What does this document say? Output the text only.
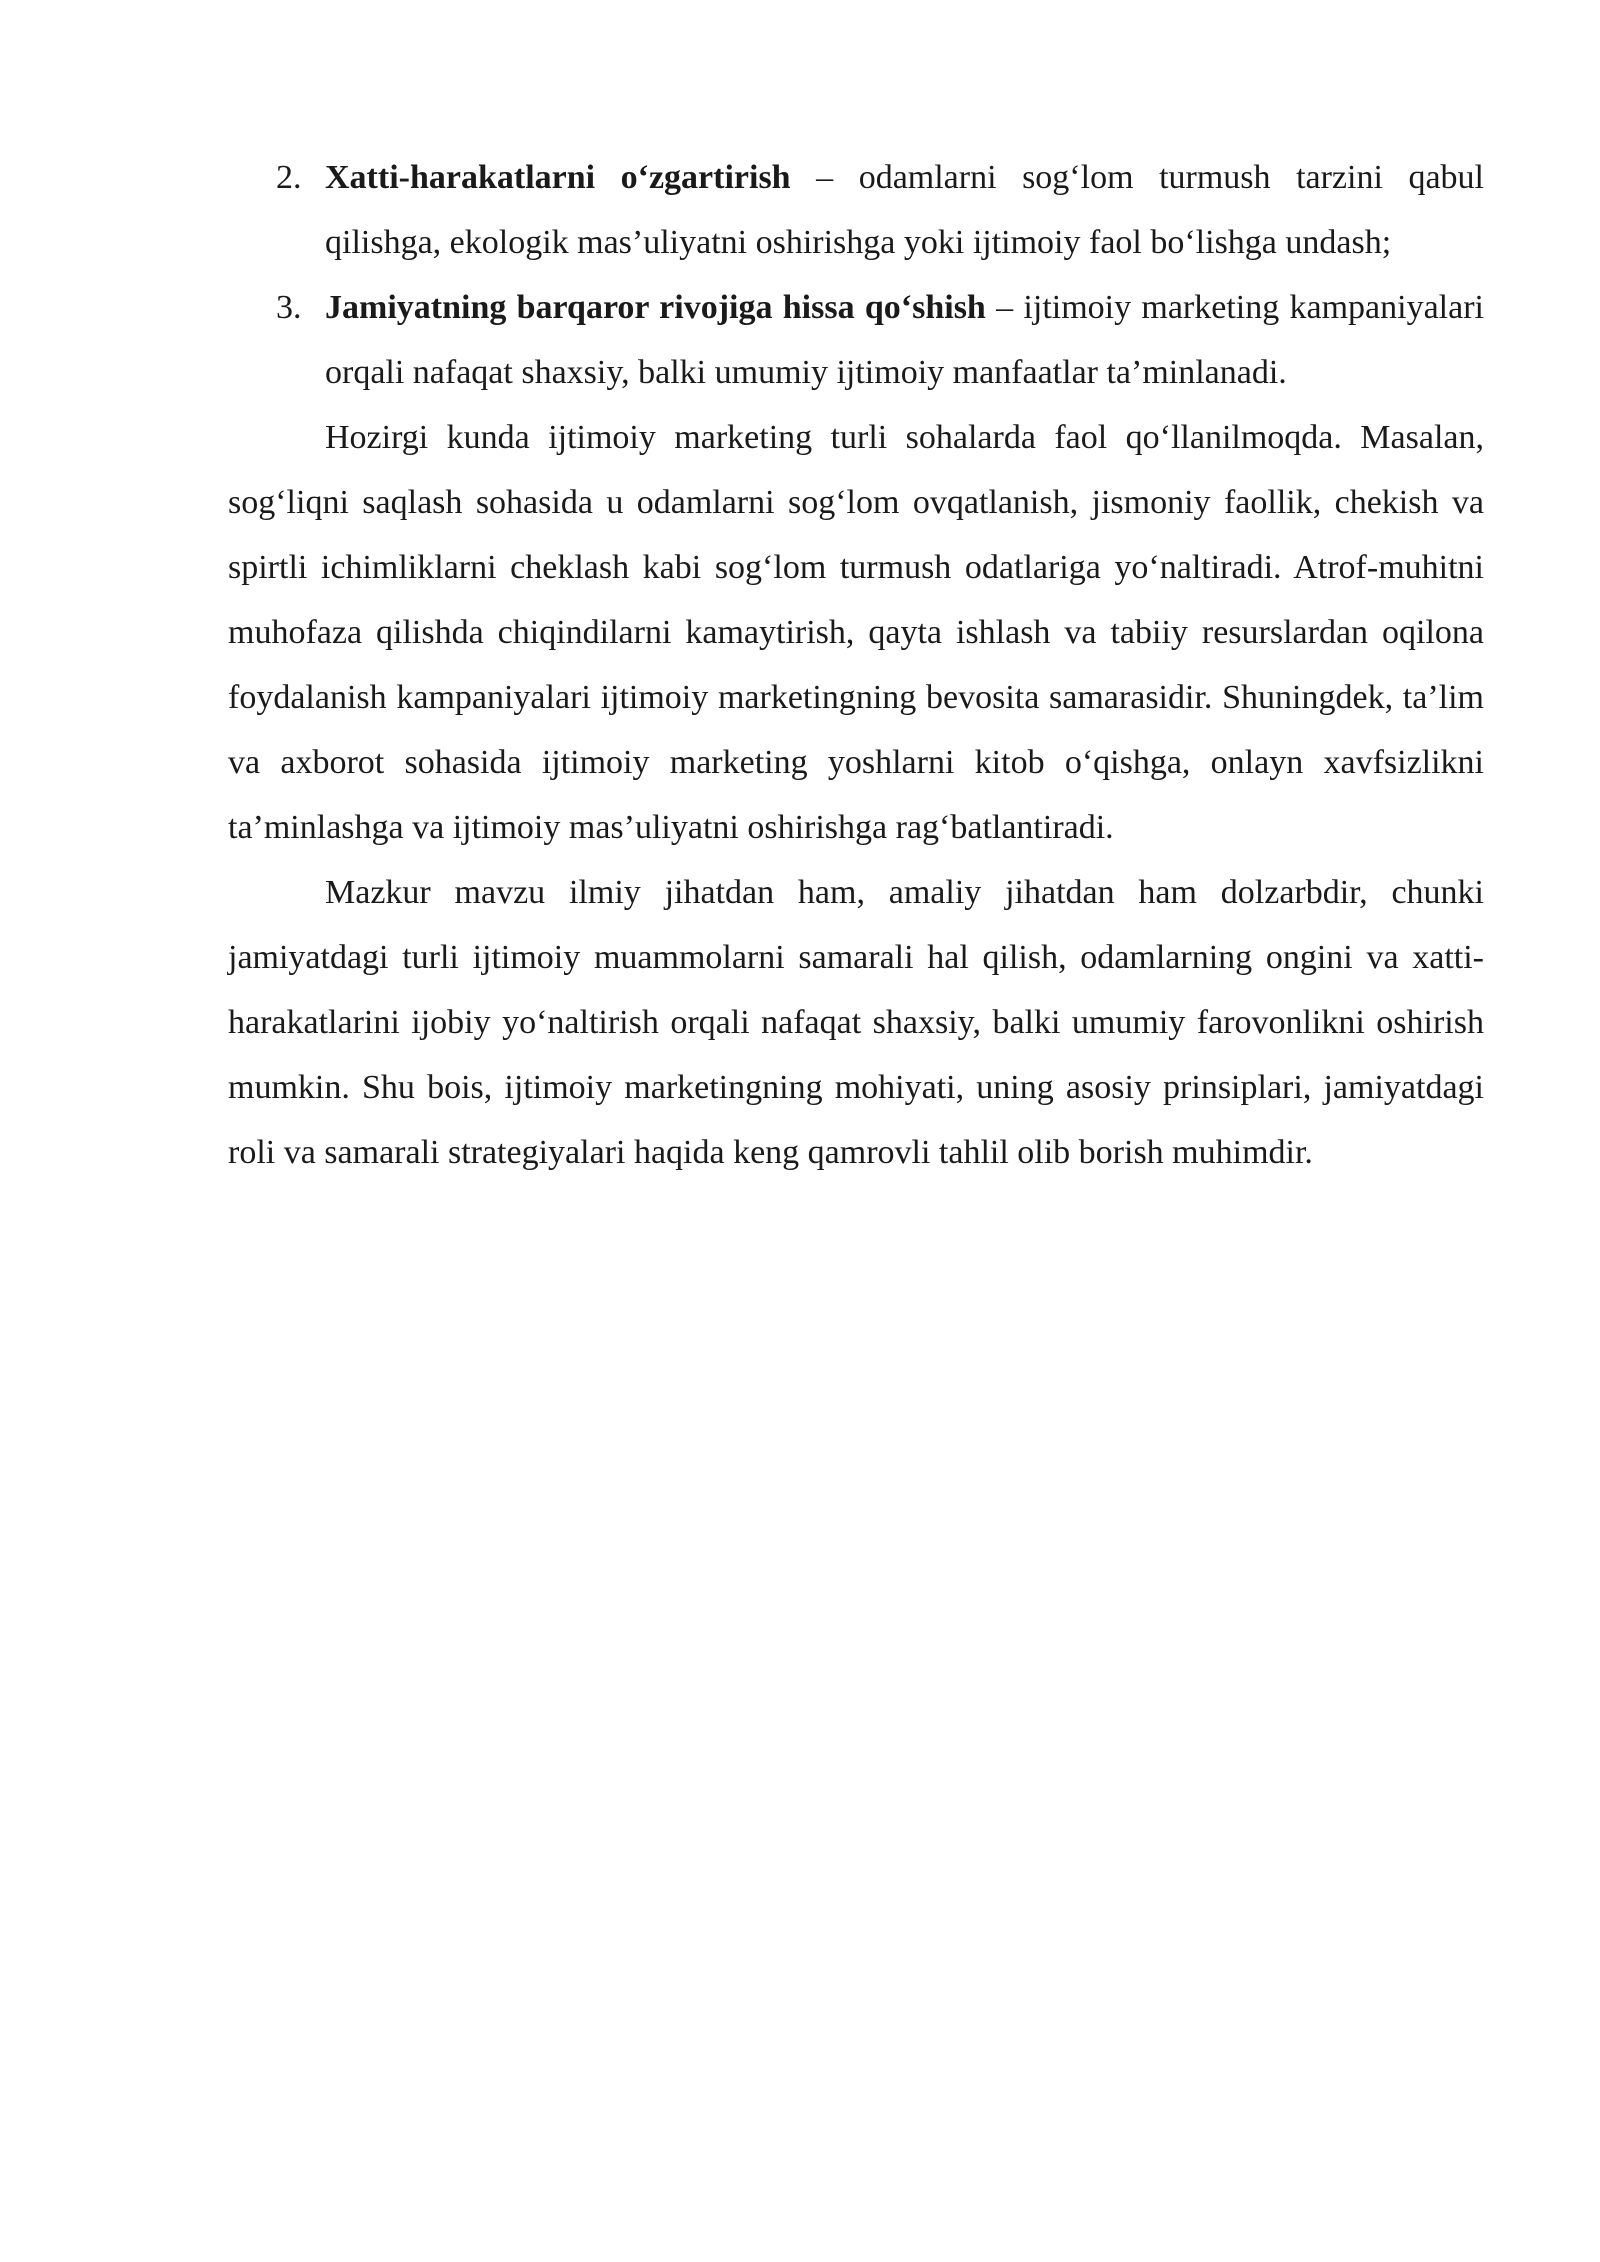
2. Xatti-harakatlarni o‘zgartirish – odamlarni sog‘lom turmush tarzini qabul qilishga, ekologik mas’uliyatni oshirishga yoki ijtimoiy faol bo‘lishga undash;
3. Jamiyatning barqaror rivojiga hissa qo‘shish – ijtimoiy marketing kampaniyalari orqali nafaqat shaxsiy, balki umumiy ijtimoiy manfaatlar ta’minlanadi.

Hozirgi kunda ijtimoiy marketing turli sohalarda faol qo‘llanilmoqda. Masalan, sog‘liqni saqlash sohasida u odamlarni sog‘lom ovqatlanish, jismoniy faollik, chekish va spirtli ichimliklarni cheklash kabi sog‘lom turmush odatlariga yo‘naltiradi. Atrof-muhitni muhofaza qilishda chiqindilarni kamaytirish, qayta ishlash va tabiiy resurslardan oqilona foydalanish kampaniyalari ijtimoiy marketingning bevosita samarasidir. Shuningdek, ta’lim va axborot sohasida ijtimoiy marketing yoshlarni kitob o‘qishga, onlayn xavfsizlikni ta’minlashga va ijtimoiy mas’uliyatni oshirishga rag‘batlantiradi.

Mazkur mavzu ilmiy jihatdan ham, amaliy jihatdan ham dolzarbdir, chunki jamiyatdagi turli ijtimoiy muammolarni samarali hal qilish, odamlarning ongini va xatti-harakatlarini ijobiy yo‘naltirish orqali nafaqat shaxsiy, balki umumiy farovonlikni oshirish mumkin. Shu bois, ijtimoiy marketingning mohiyati, uning asosiy prinsiplari, jamiyatdagi roli va samarali strategiyalari haqida keng qamrovli tahlil olib borish muhimdir.
